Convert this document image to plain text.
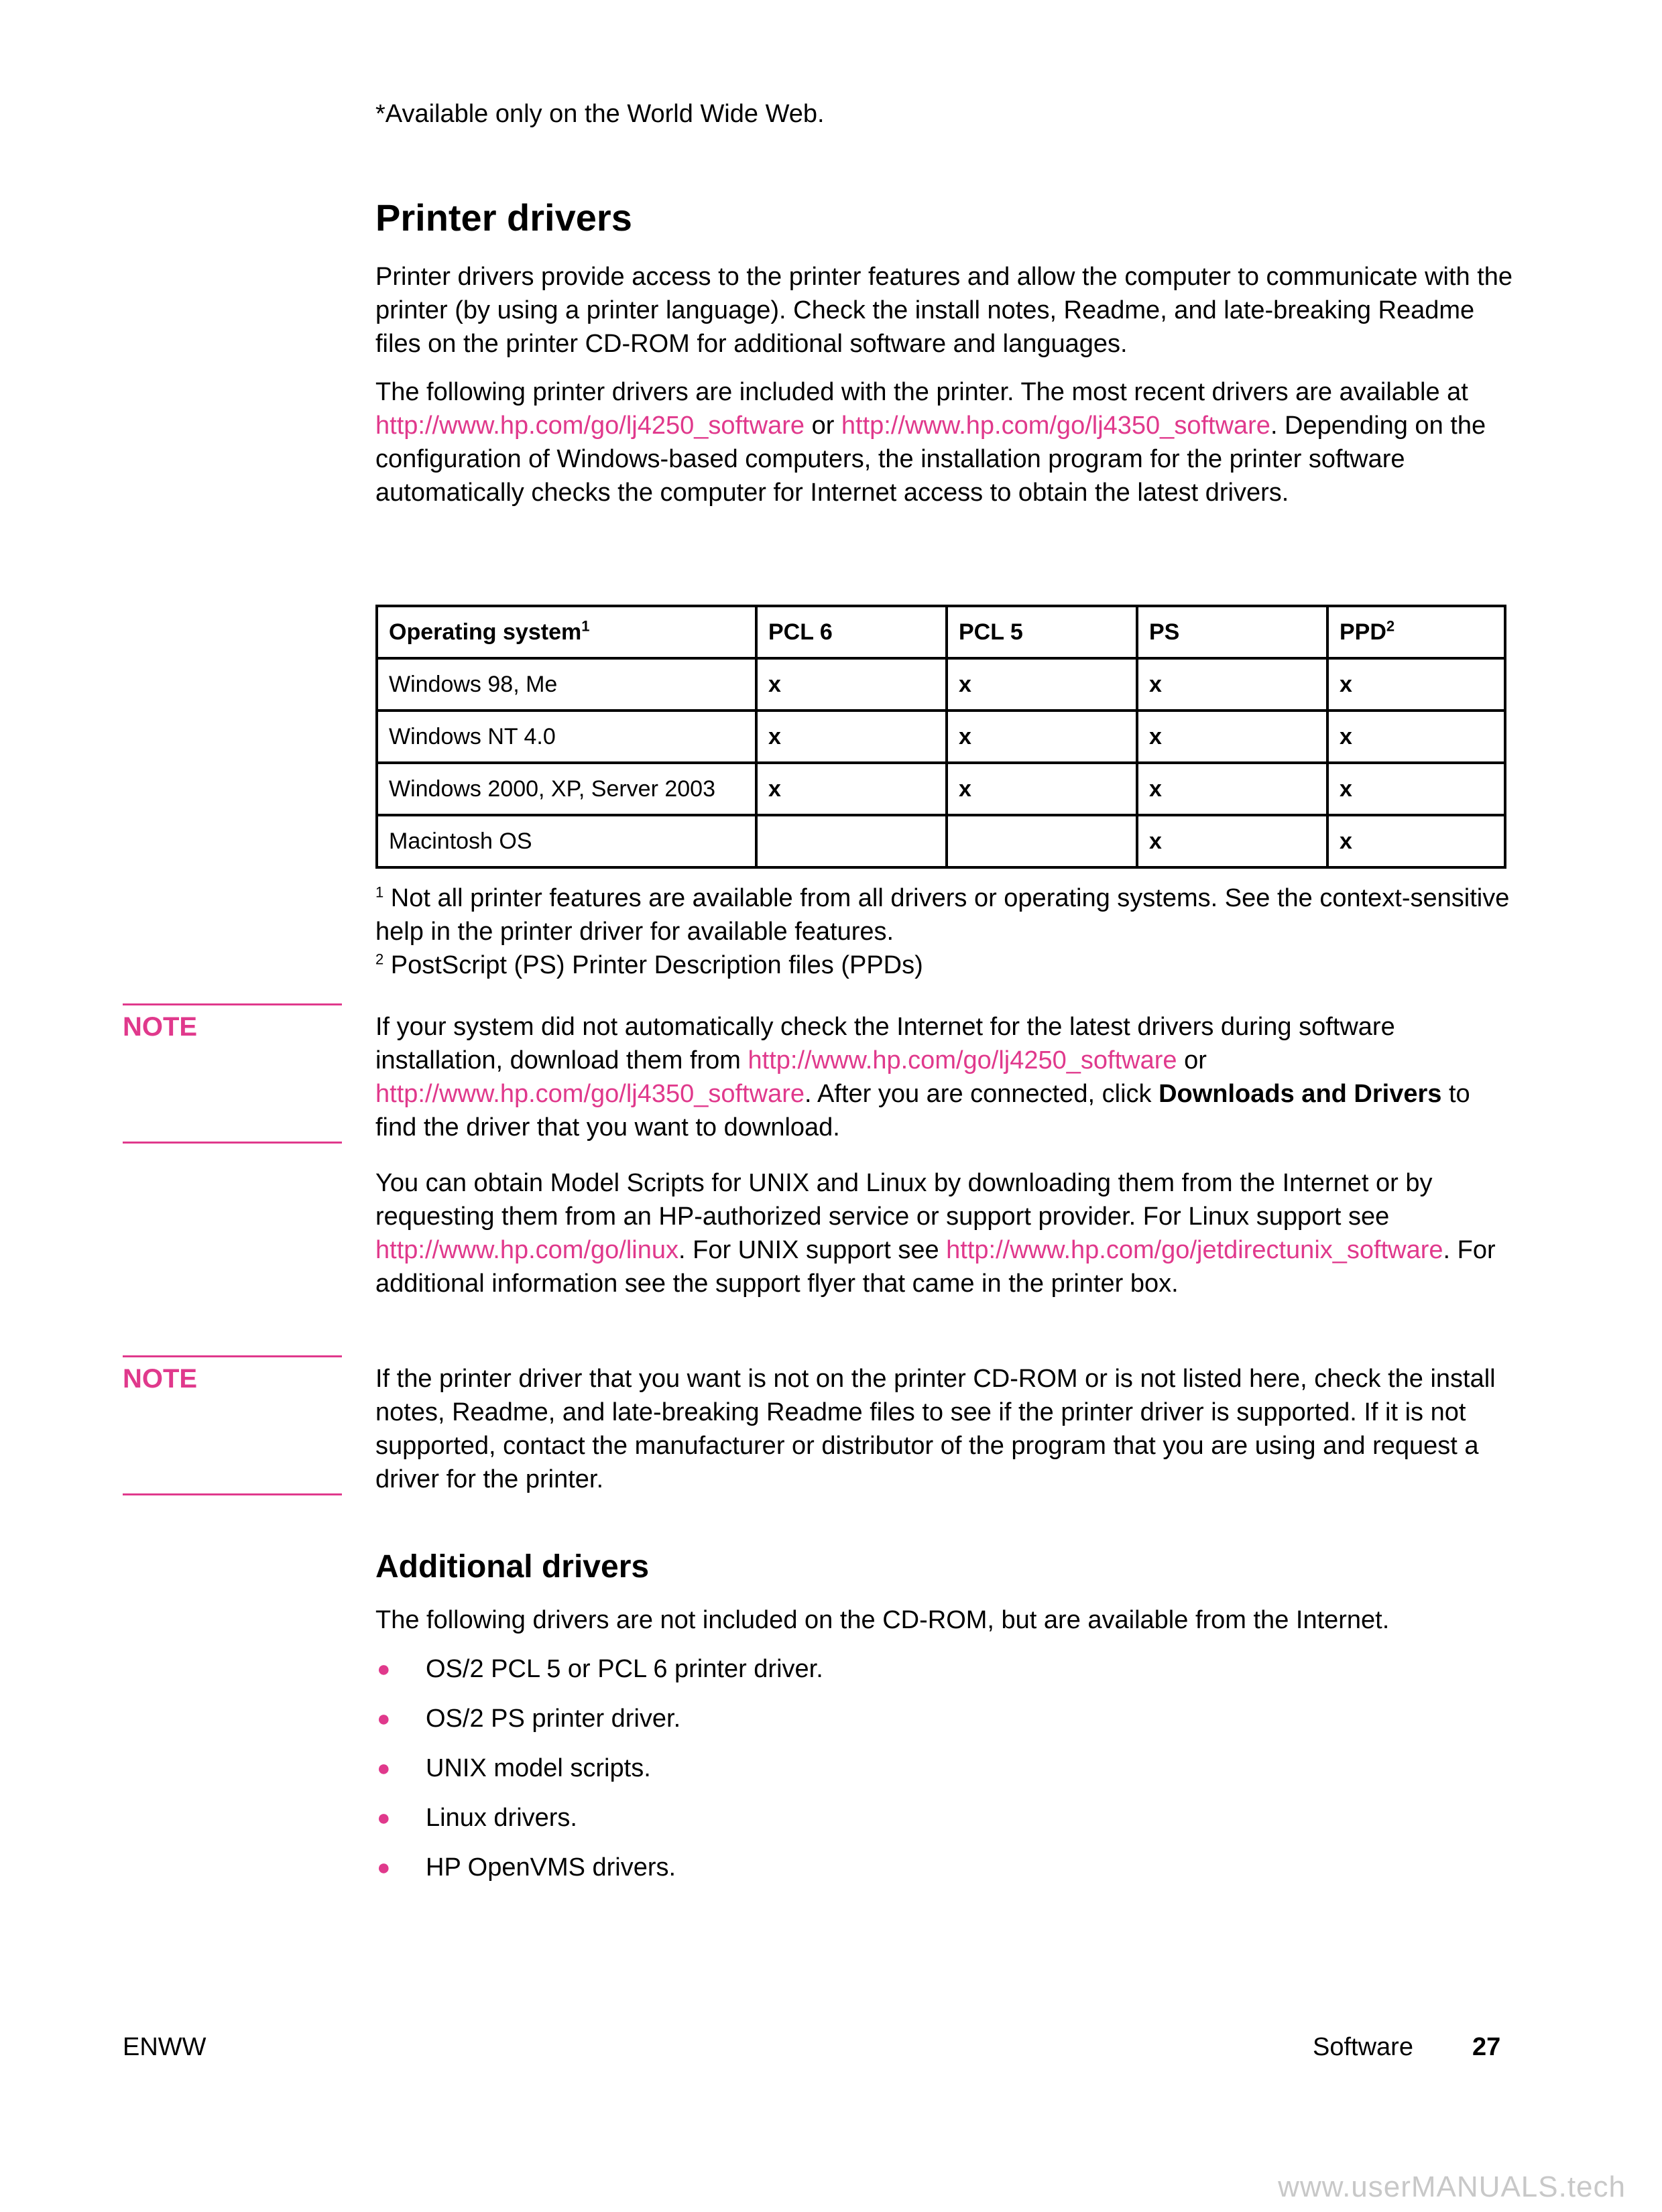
*Available only on the World Wide Web.

Printer drivers

Printer drivers provide access to the printer features and allow the computer to communicate with the printer (by using a printer language). Check the install notes, Readme, and late-breaking Readme files on the printer CD-ROM for additional software and languages.

The following printer drivers are included with the printer. The most recent drivers are available at http://www.hp.com/go/lj4250_software or http://www.hp.com/go/lj4350_software. Depending on the configuration of Windows-based computers, the installation program for the printer software automatically checks the computer for Internet access to obtain the latest drivers.

Operating system$^1$	PCL 6	PCL 5	PS	PPD$^2$
Windows 98, Me	x	x	x	x
Windows NT 4.0	x	x	x	x
Windows 2000, XP, Server 2003	x	x	x	x
Macintosh OS			x	x

$^1$ Not all printer features are available from all drivers or operating systems. See the context-sensitive help in the printer driver for available features.

$^2$ PostScript (PS) Printer Description files (PPDs)

NOTE	If your system did not automatically check the Internet for the latest drivers during software installation, download them from http://www.hp.com/go/lj4250_software or http://www.hp.com/go/lj4350_software. After you are connected, click Downloads and Drivers to find the driver that you want to download.

You can obtain Model Scripts for UNIX and Linux by downloading them from the Internet or by requesting them from an HP-authorized service or support provider. For Linux support see http://www.hp.com/go/linux. For UNIX support see http://www.hp.com/go/jetdirectunix_software. For additional information see the support flyer that came in the printer box.

NOTE	If the printer driver that you want is not on the printer CD-ROM or is not listed here, check the install notes, Readme, and late-breaking Readme files to see if the printer driver is supported. If it is not supported, contact the manufacturer or distributor of the program that you are using and request a driver for the printer.

Additional drivers

The following drivers are not included on the CD-ROM, but are available from the Internet.

● OS/2 PCL 5 or PCL 6 printer driver.
● OS/2 PS printer driver.
● UNIX model scripts.
● Linux drivers.
● HP OpenVMS drivers.
ENWW	Software 27
www.userMANUALS.tech
